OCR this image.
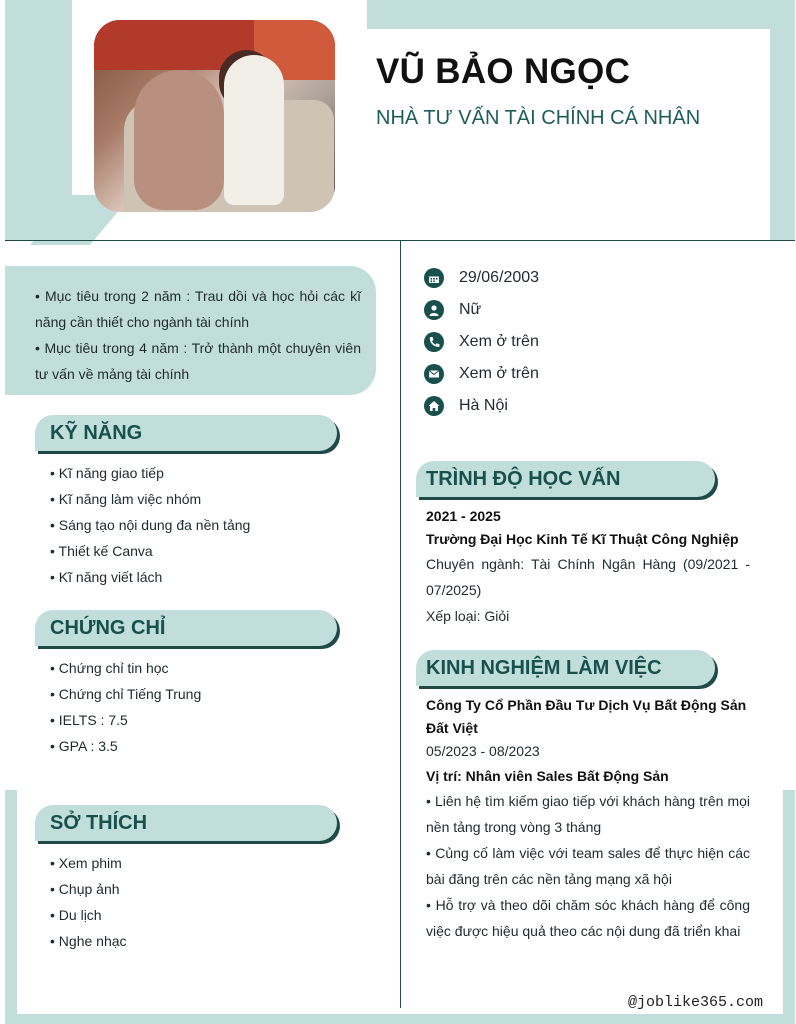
VŨ BẢO NGỌC
NHÀ TƯ VẤN TÀI CHÍNH CÁ NHÂN

• Mục tiêu trong 2 năm : Trau dồi và học hỏi các kĩ năng cần thiết cho ngành tài chính

• Mục tiêu trong 4 năm : Trở thành một chuyên viên tư vấn về mảng tài chính

KỸ NĂNG
• Kĩ năng giao tiếp
• Kĩ năng làm việc nhóm
• Sáng tạo nội dung đa nền tảng
• Thiết kế Canva
• Kĩ năng viết lách
CHỨNG CHỈ
• Chứng chỉ tin học
• Chứng chỉ Tiếng Trung
• IELTS : 7.5
• GPA : 3.5
SỞ THÍCH
• Xem phim
• Chụp ảnh
• Du lịch
• Nghe nhạc
29/06/2003
Nữ
Xem ở trên
Xem ở trên
Hà Nội
TRÌNH ĐỘ HỌC VẤN
2021 - 2025
Trường Đại Học Kinh Tế Kĩ Thuật Công Nghiệp
Chuyên ngành: Tài Chính Ngân Hàng (09/2021 - 07/2025)
Xếp loại: Giỏi
KINH NGHIỆM LÀM VIỆC
Công Ty Cổ Phần Đầu Tư Dịch Vụ Bất Động Sản Đất Việt
05/2023 - 08/2023
Vị trí: Nhân viên Sales Bất Động Sản
• Liên hệ tìm kiếm giao tiếp với khách hàng trên mọi nền tảng trong vòng 3 tháng
• Củng cố làm việc với team sales để thực hiện các bài đăng trên các nền tảng mạng xã hội
• Hỗ trợ và theo dõi chăm sóc khách hàng để công việc được hiệu quả theo các nội dung đã triển khai
@joblike365.com
